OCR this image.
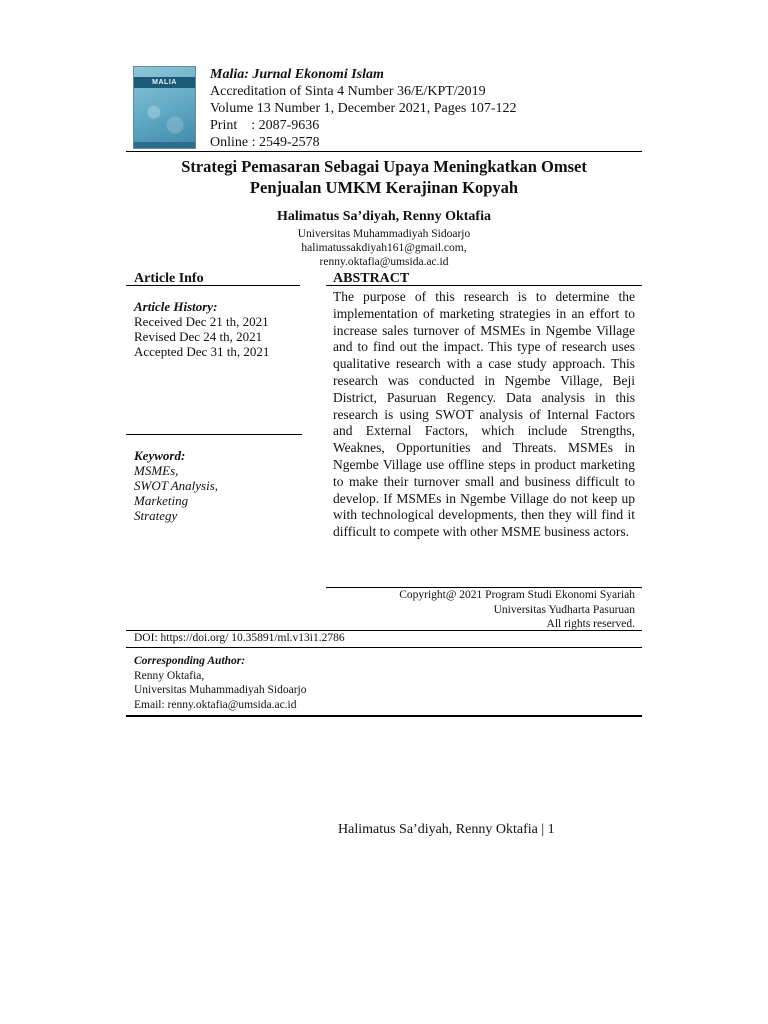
MALIA
Malia: Jurnal Ekonomi Islam
Accreditation of Sinta 4 Number 36/E/KPT/2019
Volume 13 Number 1, December 2021, Pages 107-122
Print    : 2087-9636
Online : 2549-2578
Strategi Pemasaran Sebagai Upaya Meningkatkan Omset
Penjualan UMKM Kerajinan Kopyah
Halimatus Sa’diyah, Renny Oktafia
Universitas Muhammadiyah Sidoarjo
halimatussakdiyah161@gmail.com,
renny.oktafia@umsida.ac.id
Article Info	ABSTRACT
Article History:
Received Dec 21 th, 2021
Revised Dec 24 th, 2021
Accepted Dec 31 th, 2021
Keyword:
MSMEs,
SWOT Analysis,
Marketing
Strategy
The purpose of this research is to determine the implementation of marketing strategies in an effort to increase sales turnover of MSMEs in Ngembe Village and to find out the impact. This type of research uses qualitative research with a case study approach. This research was conducted in Ngembe Village, Beji District, Pasuruan Regency. Data analysis in this research is using SWOT analysis of Internal Factors and External Factors, which include Strengths, Weaknes, Opportunities and Threats. MSMEs in Ngembe Village use offline steps in product marketing to make their turnover small and business difficult to develop. If MSMEs in Ngembe Village do not keep up with technological developments, then they will find it difficult to compete with other MSME business actors.
Copyright@ 2021 Program Studi Ekonomi Syariah
Universitas Yudharta Pasuruan
All rights reserved.
DOI: https://doi.org/ 10.35891/ml.v13i1.2786
Corresponding Author:
Renny Oktafia,
Universitas Muhammadiyah Sidoarjo
Email: renny.oktafia@umsida.ac.id
Halimatus Sa’diyah, Renny Oktafia | 1
